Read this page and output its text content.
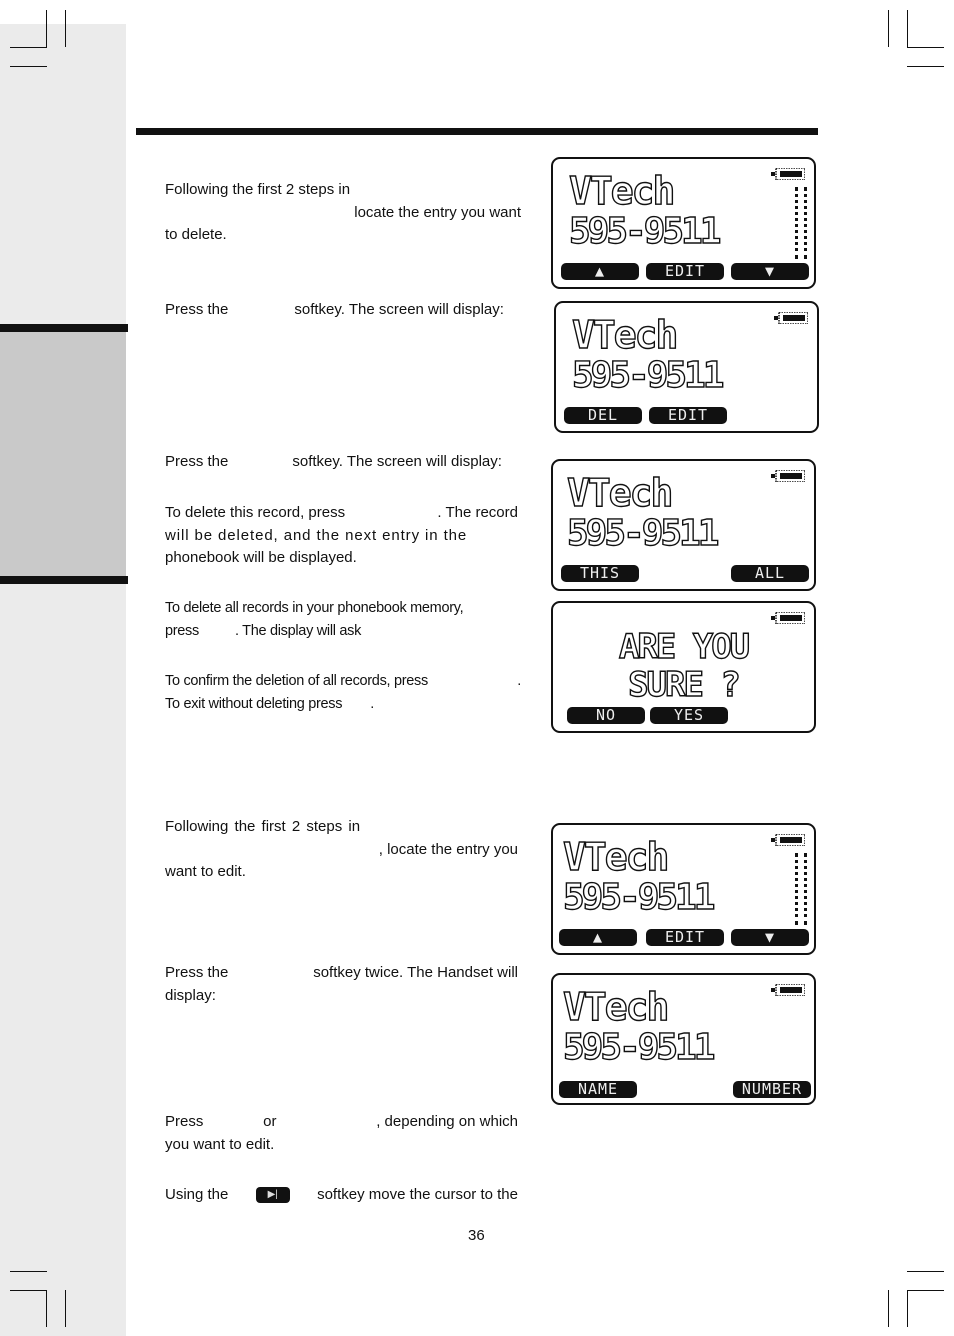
Following the first 2 steps in
locate the entry you want
to delete.
Press the	softkey. The screen will display:
Press the	softkey. The screen will display:
To delete this record, press	. The record
will be deleted, and the next entry in the
phonebook will be displayed.
To delete all records in your phonebook memory,
press . The display will ask
To confirm the deletion of all records, press	.
To exit without deleting press .
Following the first 2 steps in
, locate the entry you
want to edit.
Press the	softkey twice. The Handset will
display:
Press	or	, depending on which
you want to edit.
Using the	▶|	softkey move the cursor to the
36
VTech
595-9511
▲	EDIT	▼
VTech
595-9511
DEL	EDIT
VTech
595-9511
THIS	ALL
ARE YOU
SURE ?
NO	YES
VTech
595-9511
▲	EDIT	▼
VTech
595-9511
NAME	NUMBER
